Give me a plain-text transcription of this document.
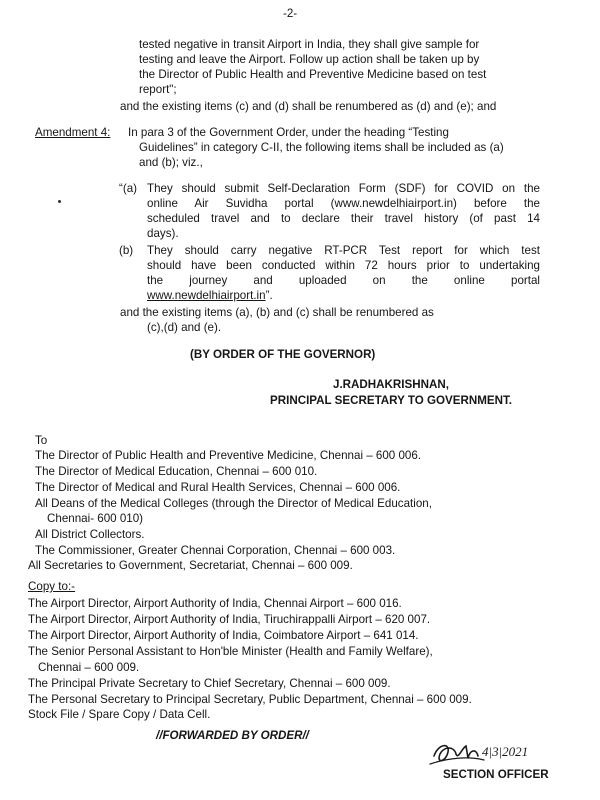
-2-
tested negative in transit Airport in India, they shall give sample for
testing and leave the Airport. Follow up action shall be taken up by
the Director of Public Health and Preventive Medicine based on test
report";
and the existing items (c) and (d) shall be renumbered as (d) and (e); and
Amendment 4: In para 3 of the Government Order, under the heading “Testing
Guidelines” in category C-II, the following items shall be included as (a)
and (b); viz.,
“(a) They should submit Self-Declaration Form (SDF) for COVID on the
online Air Suvidha portal (www.newdelhiairport.in) before the
scheduled travel and to declare their travel history (of past 14
days).
(b) They should carry negative RT-PCR Test report for which test
should have been conducted within 72 hours prior to undertaking
the journey and uploaded on the online portal
www.newdelhiairport.in”.
and the existing items (a), (b) and (c) shall be renumbered as
(c),(d) and (e).
(BY ORDER OF THE GOVERNOR)
J.RADHAKRISHNAN,
PRINCIPAL SECRETARY TO GOVERNMENT.
To
The Director of Public Health and Preventive Medicine, Chennai – 600 006.
The Director of Medical Education, Chennai – 600 010.
The Director of Medical and Rural Health Services, Chennai – 600 006.
All Deans of the Medical Colleges (through the Director of Medical Education,
Chennai- 600 010)
All District Collectors.
The Commissioner, Greater Chennai Corporation, Chennai – 600 003.
All Secretaries to Government, Secretariat, Chennai – 600 009.
Copy to:-
The Airport Director, Airport Authority of India, Chennai Airport – 600 016.
The Airport Director, Airport Authority of India, Tiruchirappalli Airport – 620 007.
The Airport Director, Airport Authority of India, Coimbatore Airport – 641 014.
The Senior Personal Assistant to Hon'ble Minister (Health and Family Welfare),
Chennai – 600 009.
The Principal Private Secretary to Chief Secretary, Chennai – 600 009.
The Personal Secretary to Principal Secretary, Public Department, Chennai – 600 009.
Stock File / Spare Copy / Data Cell.
//FORWARDED BY ORDER//
4|3|2021
SECTION OFFICER
